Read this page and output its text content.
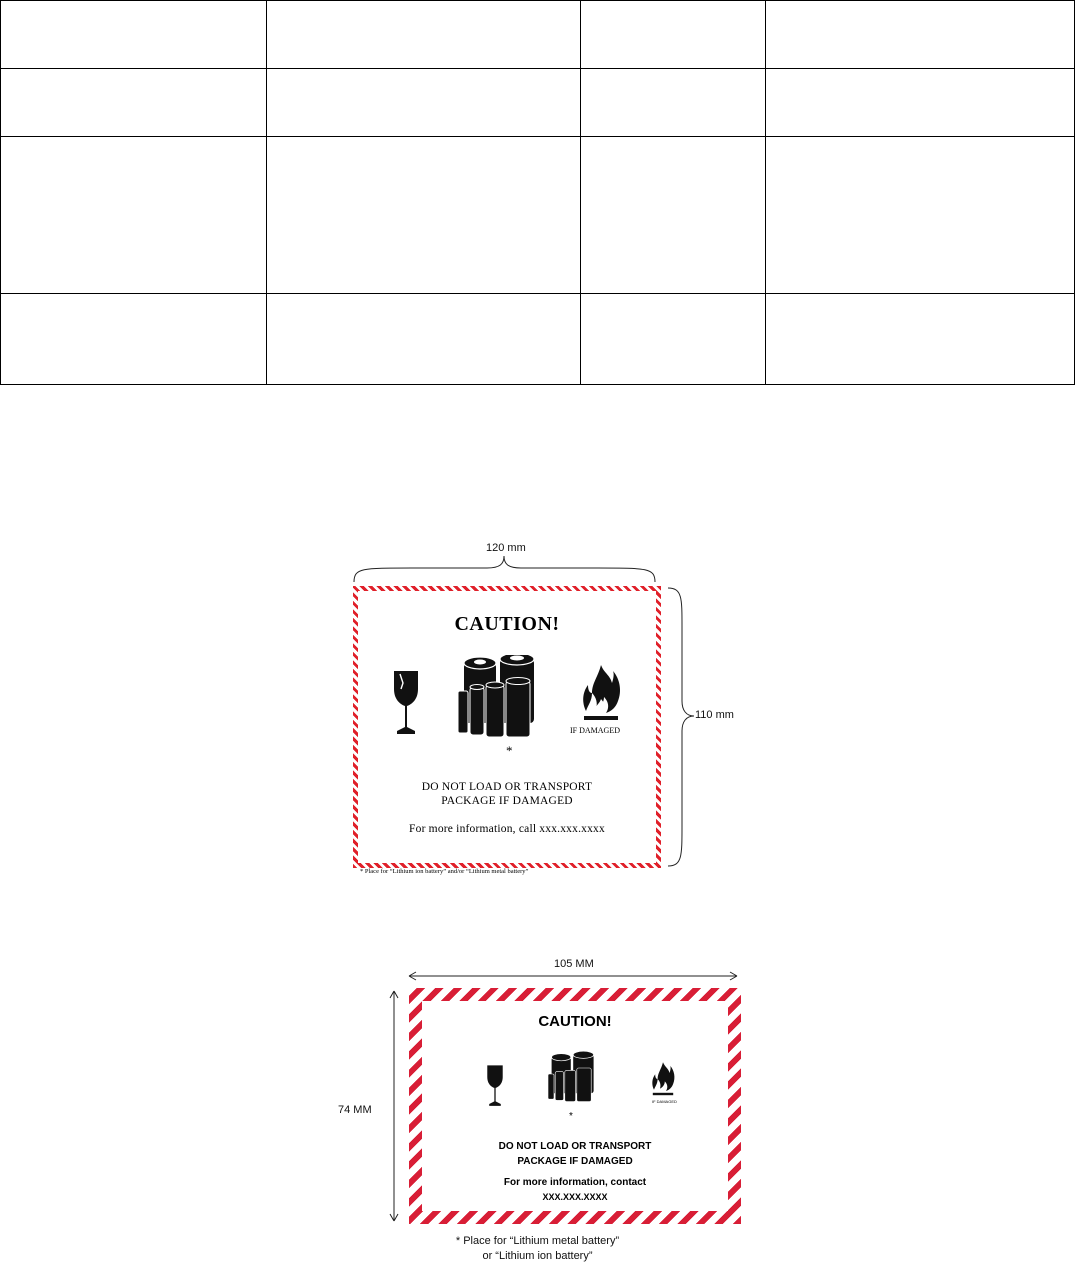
120 mm
110 mm
CAUTION!
*
IF DAMAGED
DO NOT LOAD OR TRANSPORT
PACKAGE IF DAMAGED
For more information, call xxx.xxx.xxxx
* Place for “Lithium ion battery” and/or “Lithium metal battery”
105 MM
74 MM
CAUTION!
*
IF DAMAGED
DO NOT LOAD OR TRANSPORT
PACKAGE IF DAMAGED
For more information, contact
XXX.XXX.XXXX
* Place for “Lithium metal battery”
or “Lithium ion battery”
